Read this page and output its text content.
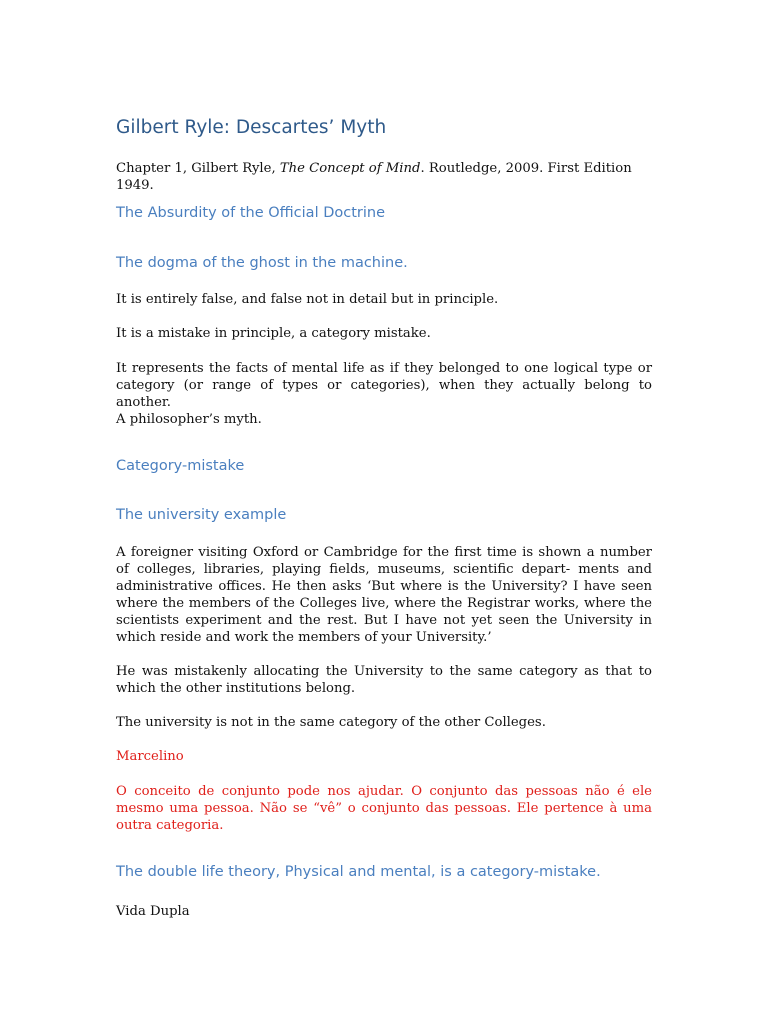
Gilbert Ryle: Descartes’ Myth

Chapter 1, Gilbert Ryle, The Concept of Mind. Routledge, 2009. First Edition 1949.

The Absurdity of the Official Doctrine
The dogma of the ghost in the machine.

It is entirely false, and false not in detail but in principle.

It is a mistake in principle, a category mistake.

It represents the facts of mental life as if they belonged to one logical type or category (or range of types or categories), when they actually belong to another.

A philosopher’s myth.

Category-mistake
The university example

A foreigner visiting Oxford or Cambridge for the first time is shown a number of colleges, libraries, playing fields, museums, scientific depart- ments and administrative offices. He then asks ‘But where is the University? I have seen where the members of the Colleges live, where the Registrar works, where the scientists experiment and the rest. But I have not yet seen the University in which reside and work the members of your University.’

He was mistakenly allocating the University to the same category as that to which the other institutions belong.

The university is not in the same category of the other Colleges.

Marcelino

O conceito de conjunto pode nos ajudar. O conjunto das pessoas não é ele mesmo uma pessoa. Não se “vê” o conjunto das pessoas. Ele pertence à uma outra categoria.

The double life theory, Physical and mental, is a category-mistake.

Vida Dupla
